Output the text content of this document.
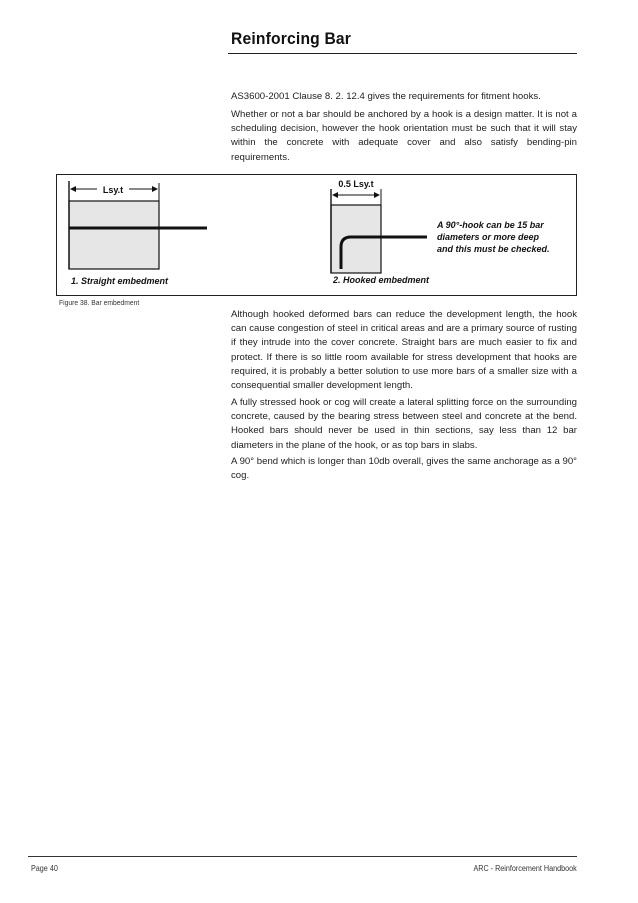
Reinforcing Bar

AS3600-2001 Clause 8. 2. 12.4 gives the requirements for fitment hooks.

Whether or not a bar should be anchored by a hook is a design matter. It is not a scheduling decision, however the hook orientation must be such that it will stay within the concrete with adequate cover and also satisfy bending-pin requirements.

Lsy.t
1. Straight embedment
0.5 Lsy.t
2. Hooked embedment
A 90°-hook can be 15 bar
diameters or more deep
and this must be checked.
Figure 38. Bar embedment

Although hooked deformed bars can reduce the development length, the hook can cause congestion of steel in critical areas and are a primary source of rusting if they intrude into the cover concrete. Straight bars are much easier to fix and protect. If there is so little room available for stress development that hooks are required, it is probably a better solution to use more bars of a smaller size with a consequential smaller development length.

A fully stressed hook or cog will create a lateral splitting force on the surrounding concrete, caused by the bearing stress between steel and concrete at the bend. Hooked bars should never be used in thin sections, say less than 12 bar diameters in the plane of the hook, or as top bars in slabs.

A 90° bend which is longer than 10db overall, gives the same anchorage as a 90° cog.

Page 40	ARC - Reinforcement Handbook
